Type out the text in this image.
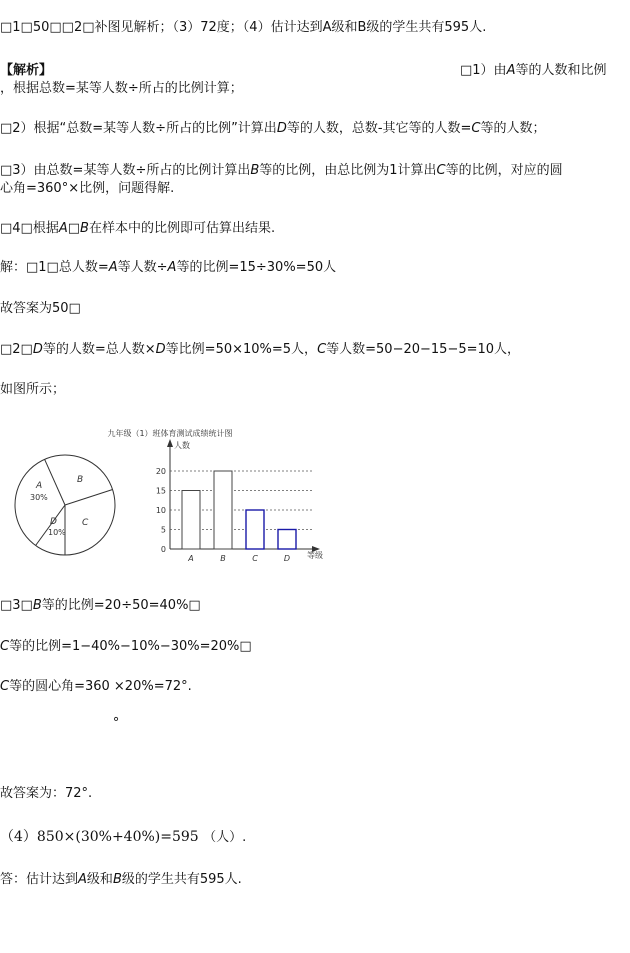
□1□50□□2□补图见解析；（3）72度；（4）估计达到A级和B级的学生共有595人.
【解析】	□1）由A等的人数和比例
，根据总数=某等人数÷所占的比例计算；
□2）根据“总数=某等人数÷所占的比例”计算出D等的人数，总数-其它等的人数=C等的人数；
□3）由总数=某等人数÷所占的比例计算出B等的比例，由总比例为1计算出C等的比例，对应的圆
心角=360°×比例，问题得解.
□4□根据A□B在样本中的比例即可估算出结果.
解：□1□总人数=A等人数÷A等的比例=15÷30%=50人
故答案为50□
□2□D等的人数=总人数×D等比例=50×10%=5人，C等人数=50−20−15−5=10人，
如图所示；
九年级（1）班体育测试成绩统计图
A
30%
B
C
D
10%
人数
等级
0
5
10
15
20
A	B	C	D
□3□B等的比例=20÷50=40%□
C等的比例=1−40%−10%−30%=20%□
C等的圆心角=360 ×20%=72°.
∘
故答案为：72°.
（4）850×(30%+40%)=595 （人）.
答：估计达到A级和B级的学生共有595人.
